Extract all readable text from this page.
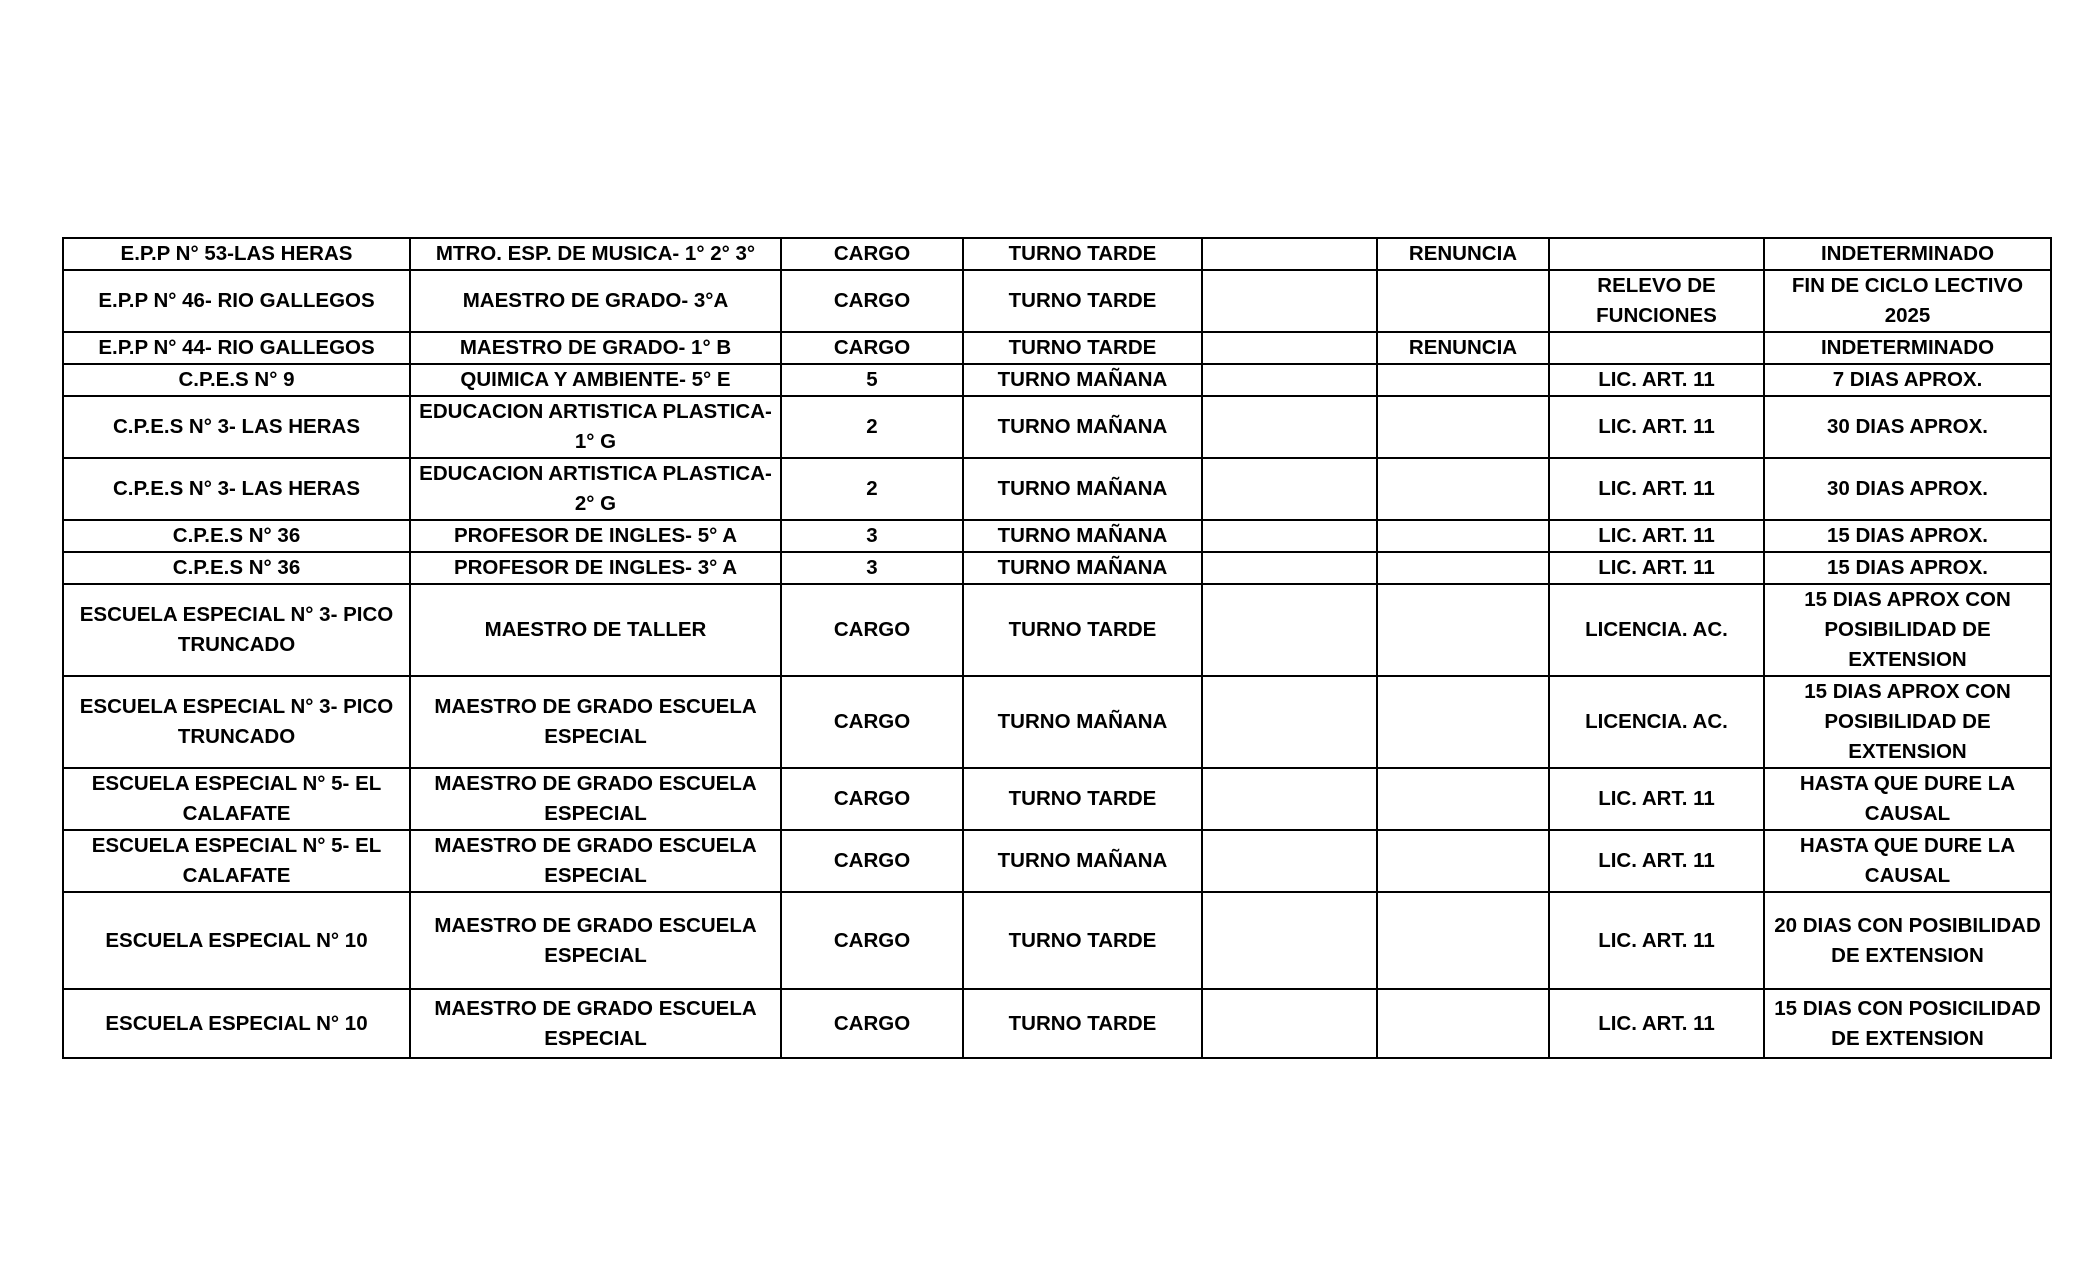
E.P.P N° 53-LAS HERAS	MTRO. ESP. DE MUSICA- 1° 2° 3°	CARGO	TURNO TARDE		RENUNCIA		INDETERMINADO
E.P.P N° 46- RIO GALLEGOS	MAESTRO DE GRADO- 3°A	CARGO	TURNO TARDE			RELEVO DE FUNCIONES	FIN DE CICLO LECTIVO 2025
E.P.P N° 44- RIO GALLEGOS	MAESTRO DE GRADO- 1° B	CARGO	TURNO TARDE		RENUNCIA		INDETERMINADO
C.P.E.S N° 9	QUIMICA Y AMBIENTE- 5° E	5	TURNO MAÑANA			LIC. ART. 11	7 DIAS APROX.
C.P.E.S N° 3- LAS HERAS	EDUCACION ARTISTICA PLASTICA- 1° G	2	TURNO MAÑANA			LIC. ART. 11	30 DIAS APROX.
C.P.E.S N° 3- LAS HERAS	EDUCACION ARTISTICA PLASTICA- 2° G	2	TURNO MAÑANA			LIC. ART. 11	30 DIAS APROX.
C.P.E.S N° 36	PROFESOR DE INGLES- 5° A	3	TURNO MAÑANA			LIC. ART. 11	15 DIAS APROX.
C.P.E.S N° 36	PROFESOR DE INGLES- 3° A	3	TURNO MAÑANA			LIC. ART. 11	15 DIAS APROX.
ESCUELA ESPECIAL N° 3- PICO TRUNCADO	MAESTRO DE TALLER	CARGO	TURNO TARDE			LICENCIA. AC.	15 DIAS APROX CON POSIBILIDAD DE EXTENSION
ESCUELA ESPECIAL N° 3- PICO TRUNCADO	MAESTRO DE GRADO ESCUELA ESPECIAL	CARGO	TURNO MAÑANA			LICENCIA. AC.	15 DIAS APROX CON POSIBILIDAD DE EXTENSION
ESCUELA ESPECIAL N° 5- EL CALAFATE	MAESTRO DE GRADO ESCUELA ESPECIAL	CARGO	TURNO TARDE			LIC. ART. 11	HASTA QUE DURE LA CAUSAL
ESCUELA ESPECIAL N° 5- EL CALAFATE	MAESTRO DE GRADO ESCUELA ESPECIAL	CARGO	TURNO MAÑANA			LIC. ART. 11	HASTA QUE DURE LA CAUSAL
ESCUELA ESPECIAL N° 10	MAESTRO DE GRADO ESCUELA ESPECIAL	CARGO	TURNO TARDE			LIC. ART. 11	20 DIAS CON POSIBILIDAD DE EXTENSION
ESCUELA ESPECIAL N° 10	MAESTRO DE GRADO ESCUELA ESPECIAL	CARGO	TURNO TARDE			LIC. ART. 11	15 DIAS CON POSICILIDAD DE EXTENSION
